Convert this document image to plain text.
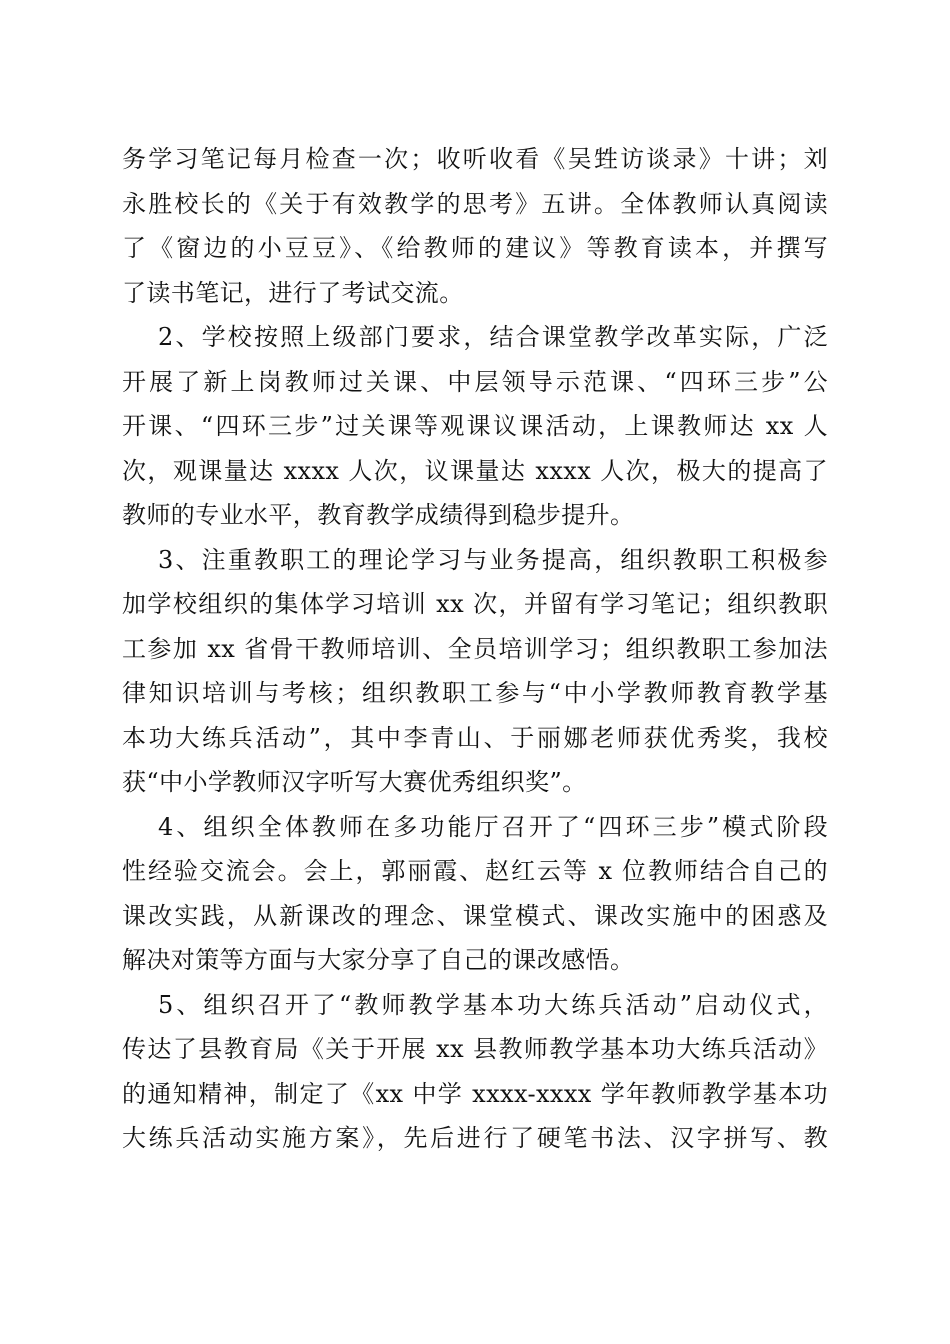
务学习笔记每月检查一次；收听收看《吴甡访谈录》十讲；刘
永胜校长的《关于有效教学的思考》五讲。全体教师认真阅读
了《窗边的小豆豆》、《给教师的建议》等教育读本，并撰写
了读书笔记，进行了考试交流。
2、学校按照上级部门要求，结合课堂教学改革实际，广泛
开展了新上岗教师过关课、中层领导示范课、“四环三步”公
开课、“四环三步”过关课等观课议课活动，上课教师达 xx 人
次，观课量达 xxxx 人次，议课量达 xxxx 人次，极大的提高了
教师的专业水平，教育教学成绩得到稳步提升。
3、注重教职工的理论学习与业务提高，组织教职工积极参
加学校组织的集体学习培训 xx 次，并留有学习笔记；组织教职
工参加 xx 省骨干教师培训、全员培训学习；组织教职工参加法
律知识培训与考核；组织教职工参与“中小学教师教育教学基
本功大练兵活动”，其中李青山、于丽娜老师获优秀奖，我校
获“中小学教师汉字听写大赛优秀组织奖”。
4、组织全体教师在多功能厅召开了“四环三步”模式阶段
性经验交流会。会上，郭丽霞、赵红云等 x 位教师结合自己的
课改实践，从新课改的理念、课堂模式、课改实施中的困惑及
解决对策等方面与大家分享了自己的课改感悟。
5、组织召开了“教师教学基本功大练兵活动”启动仪式，
传达了县教育局《关于开展 xx 县教师教学基本功大练兵活动》
的通知精神，制定了《xx 中学 xxxx-xxxx 学年教师教学基本功
大练兵活动实施方案》，先后进行了硬笔书法、汉字拼写、教
